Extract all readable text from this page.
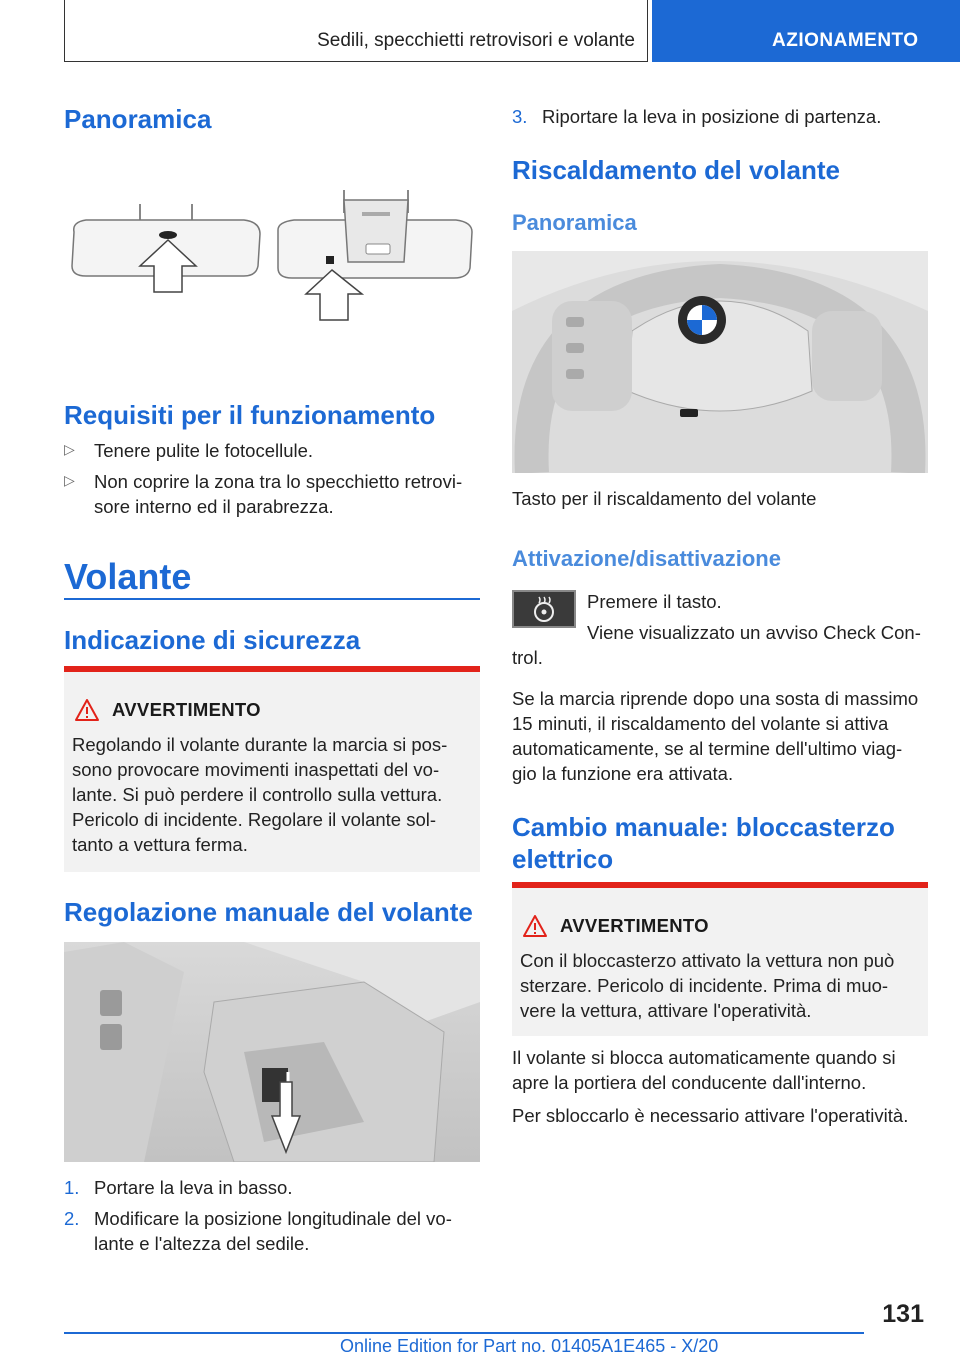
Sedili, specchietti retrovisori e volante	AZIONAMENTO
Panoramica
Requisiti per il funzionamento
▷	Tenere pulite le fotocellule.

▷	Non coprire la zona tra lo specchietto retrovi-
sore interno ed il parabrezza.

Volante
Indicazione di sicurezza
AVVERTIMENTO

Regolando il volante durante la marcia si pos-

sono provocare movimenti inaspettati del vo-

lante. Si può perdere il controllo sulla vettura.

Pericolo di incidente. Regolare il volante sol-

tanto a vettura ferma.

Regolazione manuale del volante
1. Portare la leva in basso.

2. Modificare la posizione longitudinale del vo-

lante e l'altezza del sedile.

3. Riportare la leva in posizione di partenza.

Riscaldamento del volante
Panoramica

Tasto per il riscaldamento del volante

Attivazione/disattivazione

Premere il tasto.

Viene visualizzato un avviso Check Con-

trol.

Se la marcia riprende dopo una sosta di massimo

15 minuti, il riscaldamento del volante si attiva

automaticamente, se al termine dell'ultimo viag-

gio la funzione era attivata.

Cambio manuale: bloccasterzo
elettrico
AVVERTIMENTO

Con il bloccasterzo attivato la vettura non può

sterzare. Pericolo di incidente. Prima di muo-

vere la vettura, attivare l'operatività.

Il volante si blocca automaticamente quando si

apre la portiera del conducente dall'interno.

Per sbloccarlo è necessario attivare l'operatività.

131
Online Edition for Part no. 01405A1E465 - X/20
